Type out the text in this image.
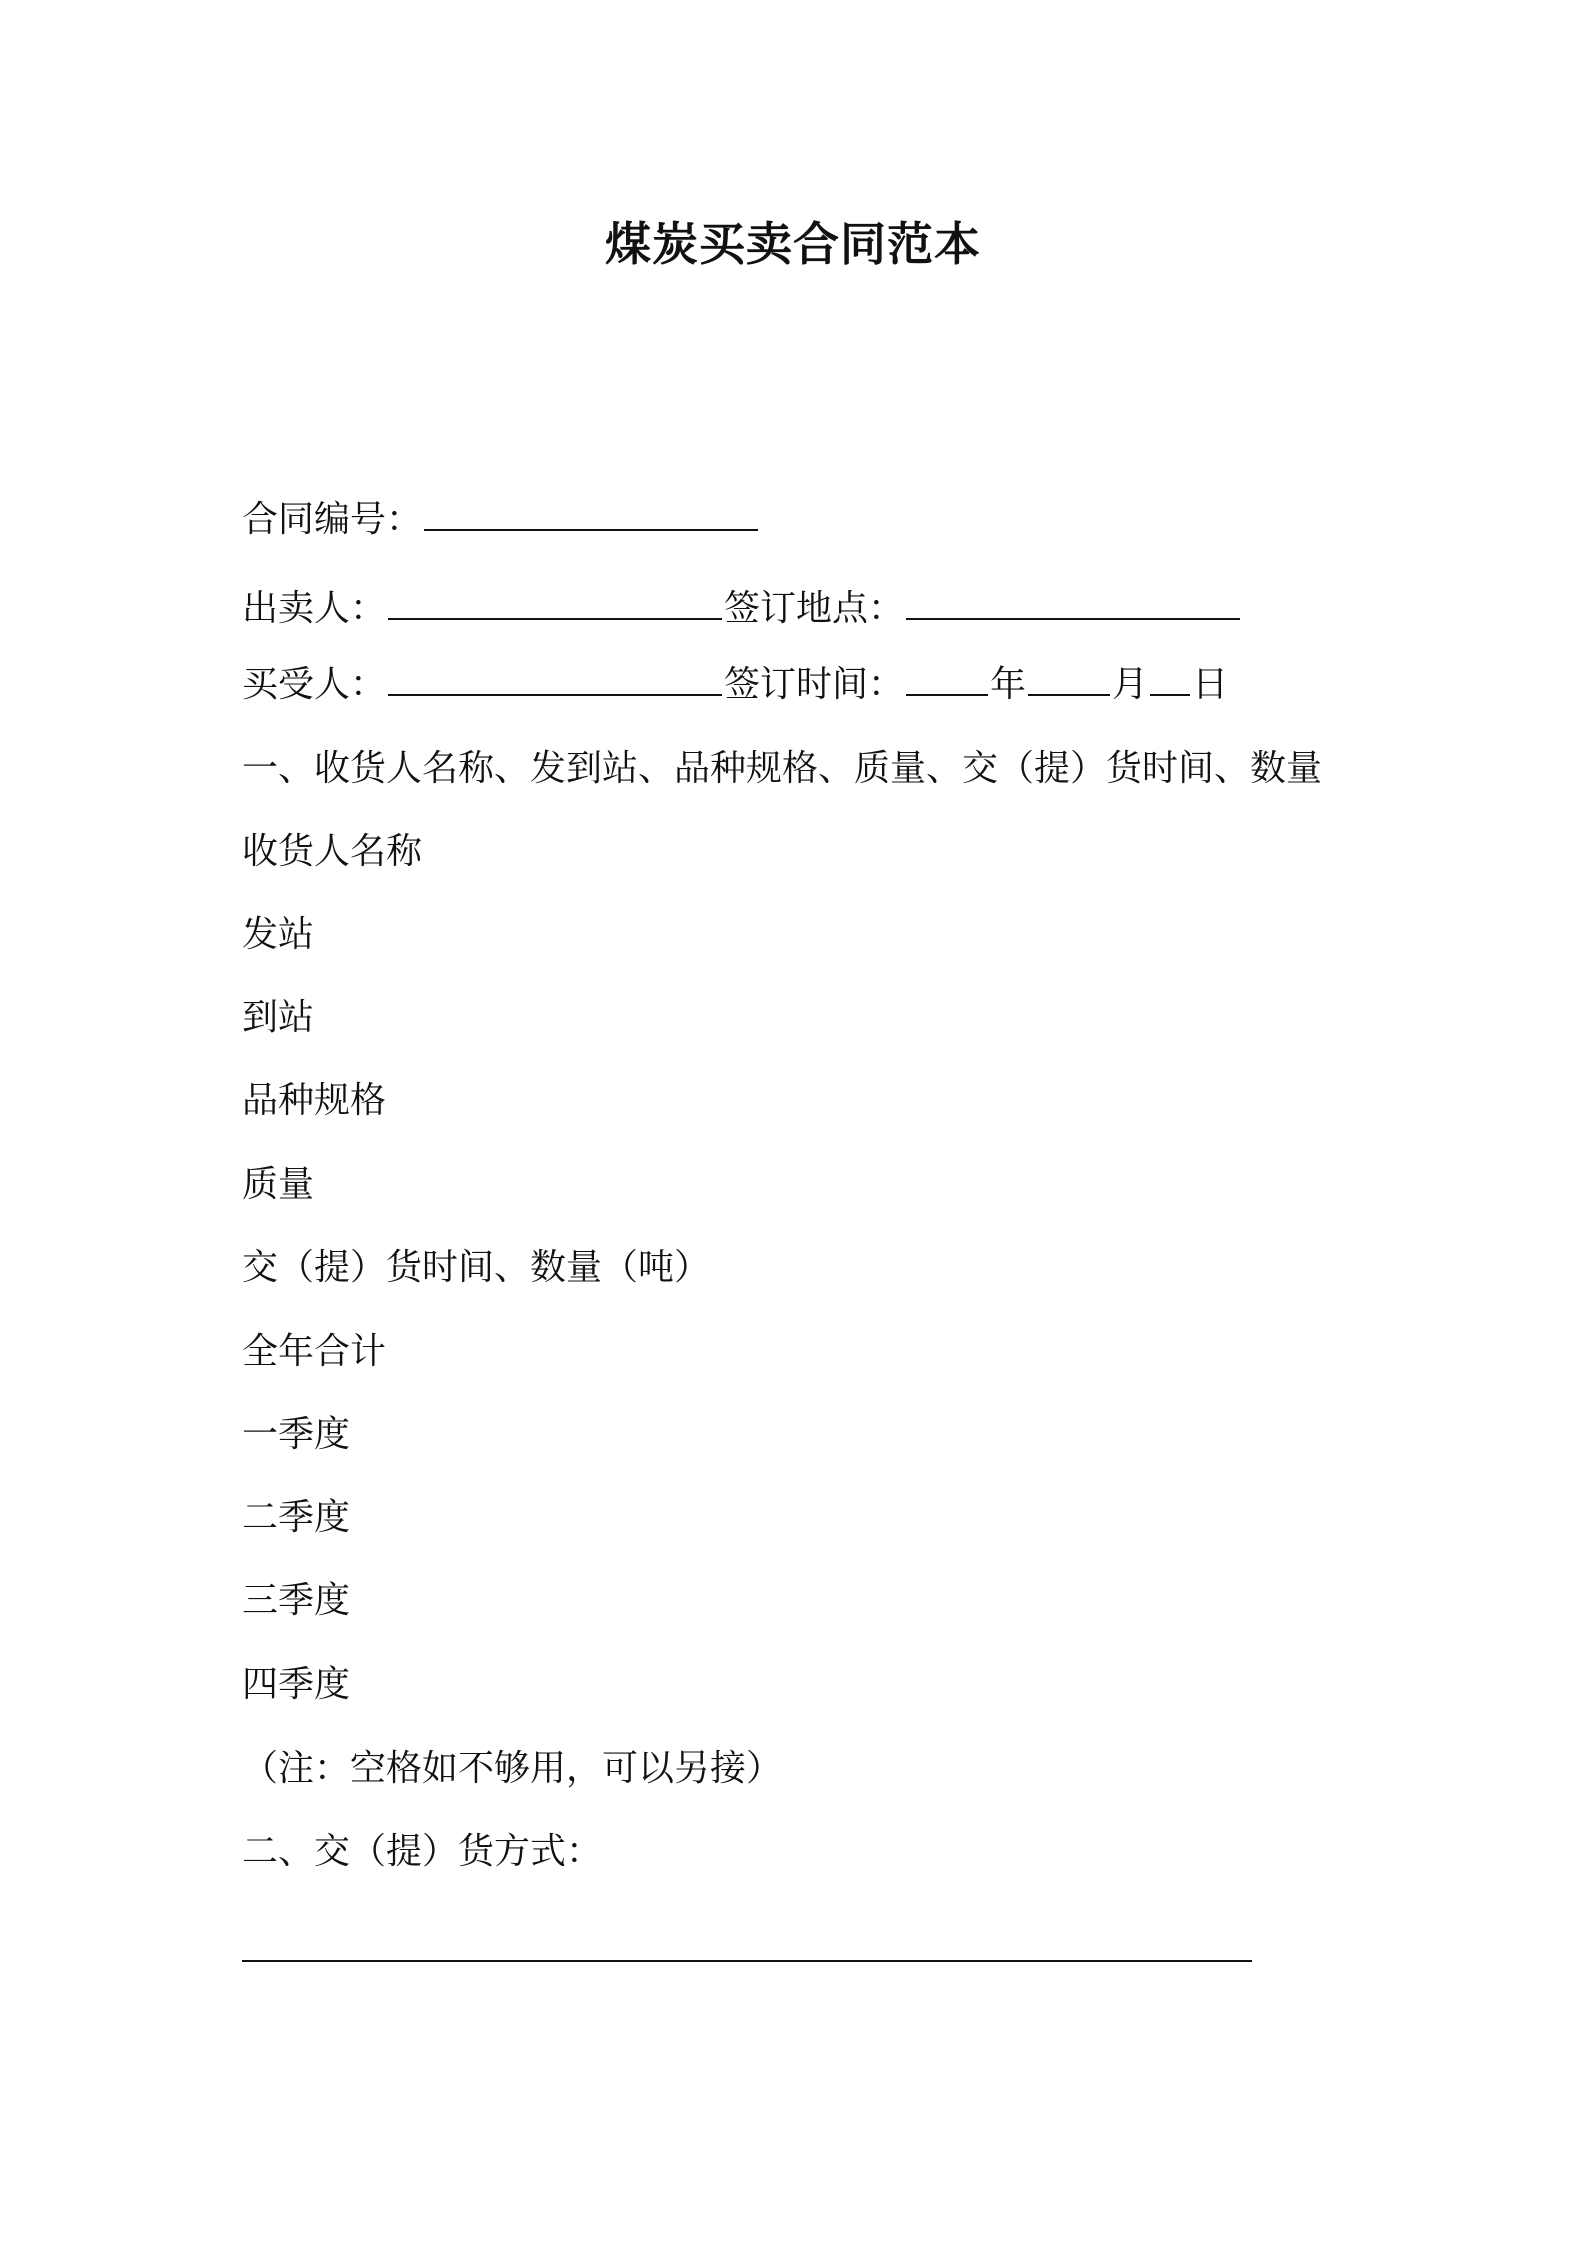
煤炭买卖合同范本
合同编号：
出卖人：	签订地点：
买受人：	签订时间： 年 月 日
一、收货人名称、发到站、品种规格、质量、交（提）货时间、数量
收货人名称
发站
到站
品种规格
质量
交（提）货时间、数量（吨）
全年合计
一季度
二季度
三季度
四季度
（注：空格如不够用，可以另接）
二、交（提）货方式：
